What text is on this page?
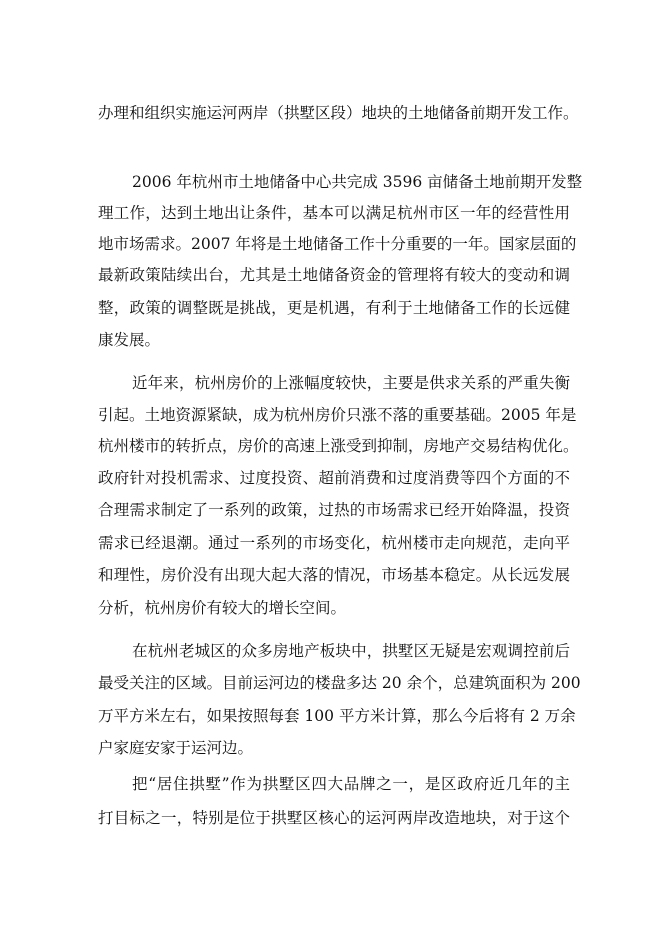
办理和组织实施运河两岸（拱墅区段）地块的土地储备前期开发工作。
2006 年杭州市土地储备中心共完成 3596 亩储备土地前期开发整
理工作，达到土地出让条件，基本可以满足杭州市区一年的经营性用
地市场需求。2007 年将是土地储备工作十分重要的一年。国家层面的
最新政策陆续出台，尤其是土地储备资金的管理将有较大的变动和调
整，政策的调整既是挑战，更是机遇，有利于土地储备工作的长远健
康发展。
近年来，杭州房价的上涨幅度较快，主要是供求关系的严重失衡
引起。土地资源紧缺，成为杭州房价只涨不落的重要基础。2005 年是
杭州楼市的转折点，房价的高速上涨受到抑制，房地产交易结构优化。
政府针对投机需求、过度投资、超前消费和过度消费等四个方面的不
合理需求制定了一系列的政策，过热的市场需求已经开始降温，投资
需求已经退潮。通过一系列的市场变化，杭州楼市走向规范，走向平
和理性，房价没有出现大起大落的情况，市场基本稳定。从长远发展
分析，杭州房价有较大的增长空间。
在杭州老城区的众多房地产板块中，拱墅区无疑是宏观调控前后
最受关注的区域。目前运河边的楼盘多达 20 余个，总建筑面积为 200
万平方米左右，如果按照每套 100 平方米计算，那么今后将有 2 万余
户家庭安家于运河边。
把“居住拱墅”作为拱墅区四大品牌之一，是区政府近几年的主
打目标之一，特别是位于拱墅区核心的运河两岸改造地块，对于这个
